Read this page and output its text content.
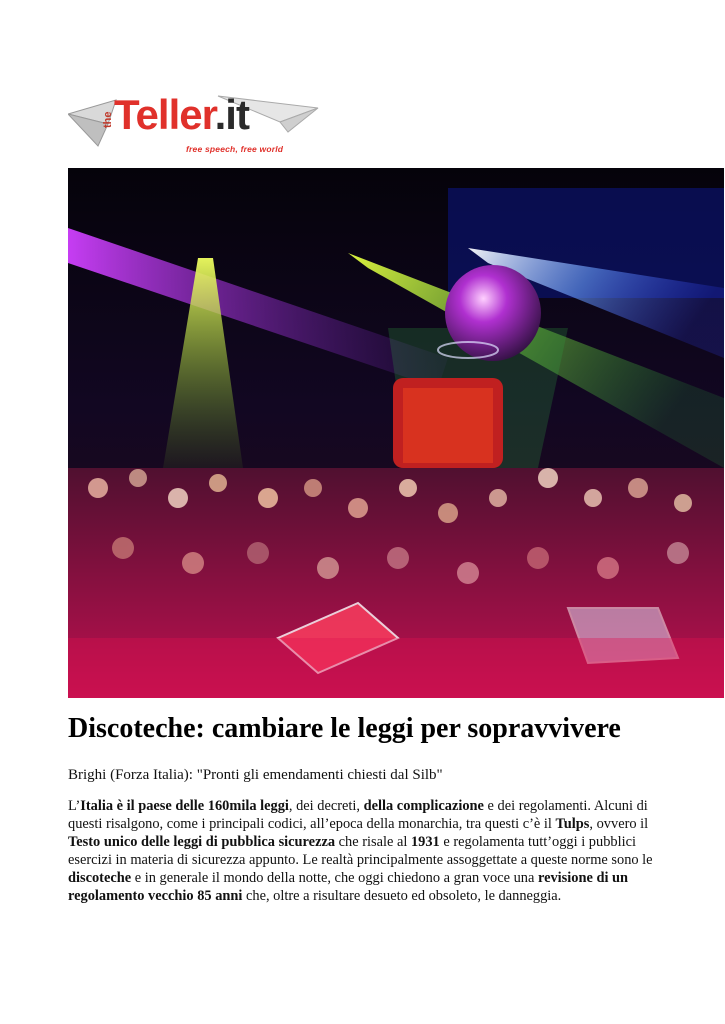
the Teller.it
free speech, free world
Discoteche: cambiare le leggi per sopravvivere

Brighi (Forza Italia): "Pronti gli emendamenti chiesti dal Silb"

L’Italia è il paese delle 160mila leggi, dei decreti, della complicazione e dei regolamenti. Alcuni di questi risalgono, come i principali codici, all’epoca della monarchia, tra questi c’è il Tulps, ovvero il Testo unico delle leggi di pubblica sicurezza che risale al 1931 e regolamenta tutt’oggi i pubblici esercizi in materia di sicurezza appunto. Le realtà principalmente assoggettate a queste norme sono le discoteche e in generale il mondo della notte, che oggi chiedono a gran voce una revisione di un regolamento vecchio 85 anni che, oltre a risultare desueto ed obsoleto, le danneggia.
